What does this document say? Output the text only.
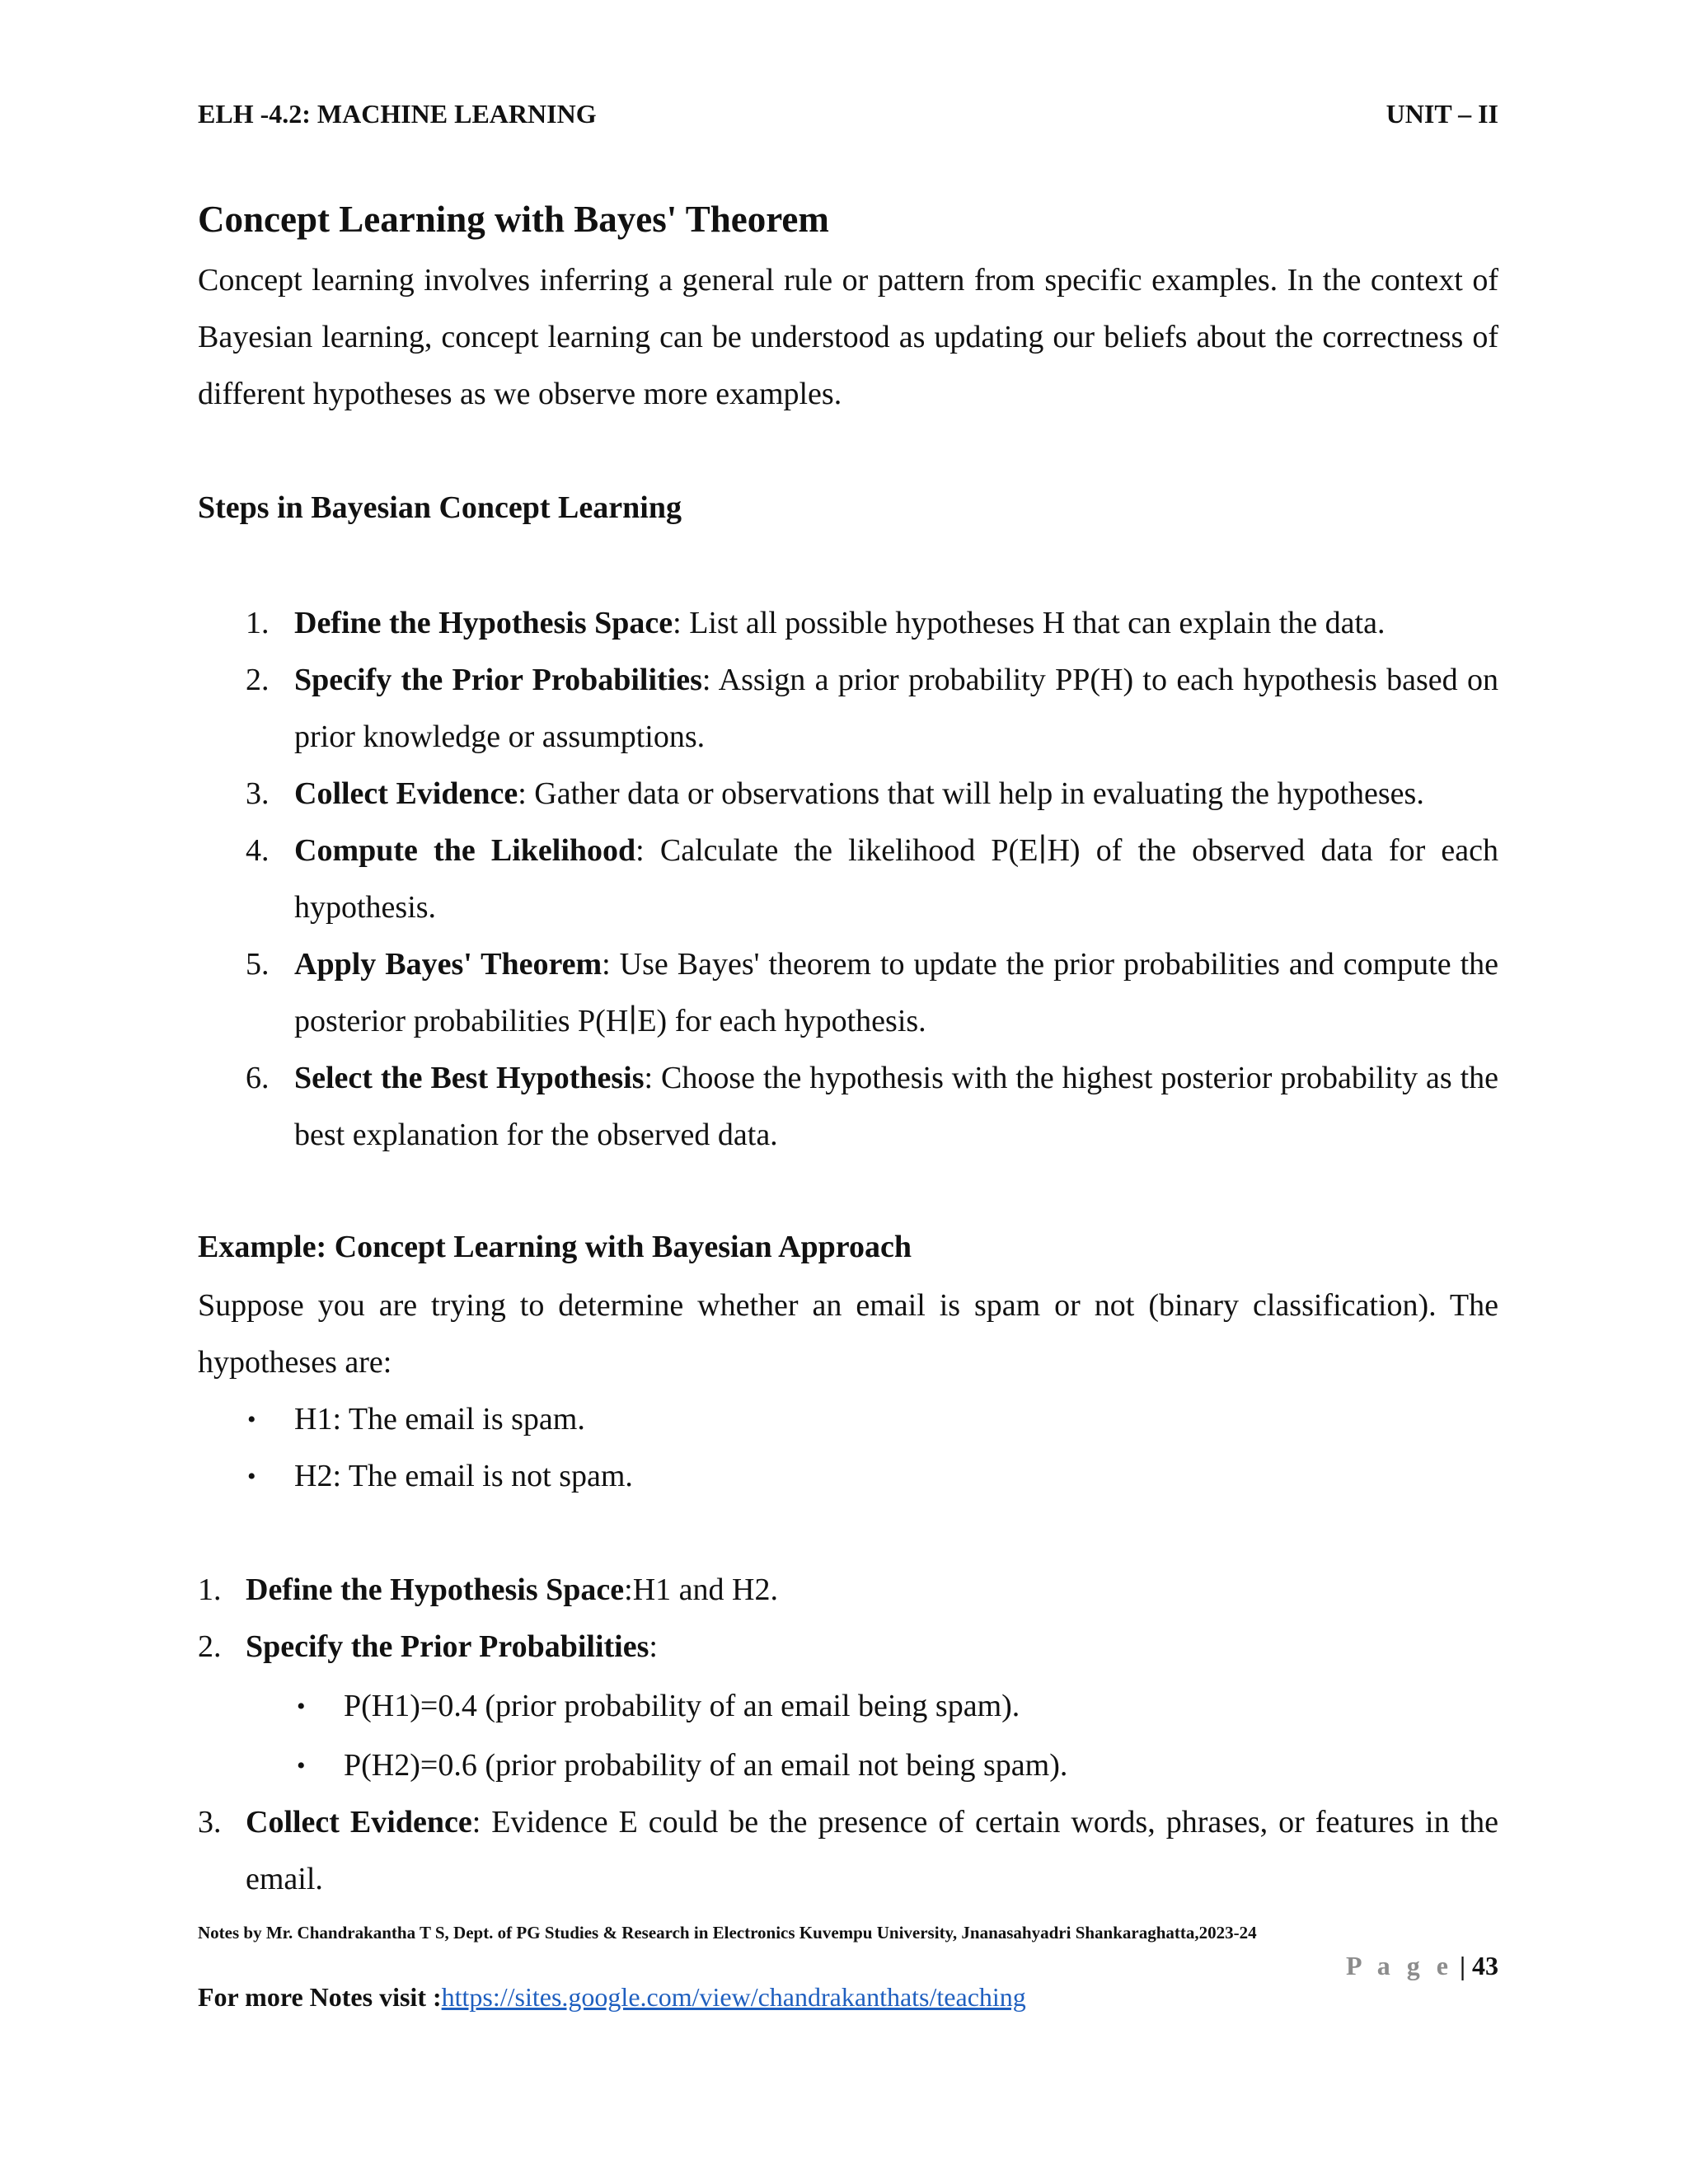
ELH -4.2: MACHINE LEARNING	UNIT – II
Concept Learning with Bayes' Theorem
Concept learning involves inferring a general rule or pattern from specific examples. In the context of Bayesian learning, concept learning can be understood as updating our beliefs about the correctness of different hypotheses as we observe more examples.
Steps in Bayesian Concept Learning
1. Define the Hypothesis Space: List all possible hypotheses H that can explain the data.
2. Specify the Prior Probabilities: Assign a prior probability PP(H) to each hypothesis based on prior knowledge or assumptions.
3. Collect Evidence: Gather data or observations that will help in evaluating the hypotheses.
4. Compute the Likelihood: Calculate the likelihood P(E∣H) of the observed data for each hypothesis.
5. Apply Bayes' Theorem: Use Bayes' theorem to update the prior probabilities and compute the posterior probabilities P(H∣E) for each hypothesis.
6. Select the Best Hypothesis: Choose the hypothesis with the highest posterior probability as the best explanation for the observed data.
Example: Concept Learning with Bayesian Approach
Suppose you are trying to determine whether an email is spam or not (binary classification). The hypotheses are:
• H1: The email is spam.
• H2: The email is not spam.
1. Define the Hypothesis Space:H1 and H2.
2. Specify the Prior Probabilities:
• P(H1)=0.4 (prior probability of an email being spam).
• P(H2)=0.6 (prior probability of an email not being spam).
3. Collect Evidence: Evidence E could be the presence of certain words, phrases, or features in the email.
Notes by Mr. Chandrakantha T S, Dept. of PG Studies & Research in Electronics Kuvempu University, Jnanasahyadri Shankaraghatta,2023-24
P a g e | 43
For more Notes visit :https://sites.google.com/view/chandrakanthats/teaching
